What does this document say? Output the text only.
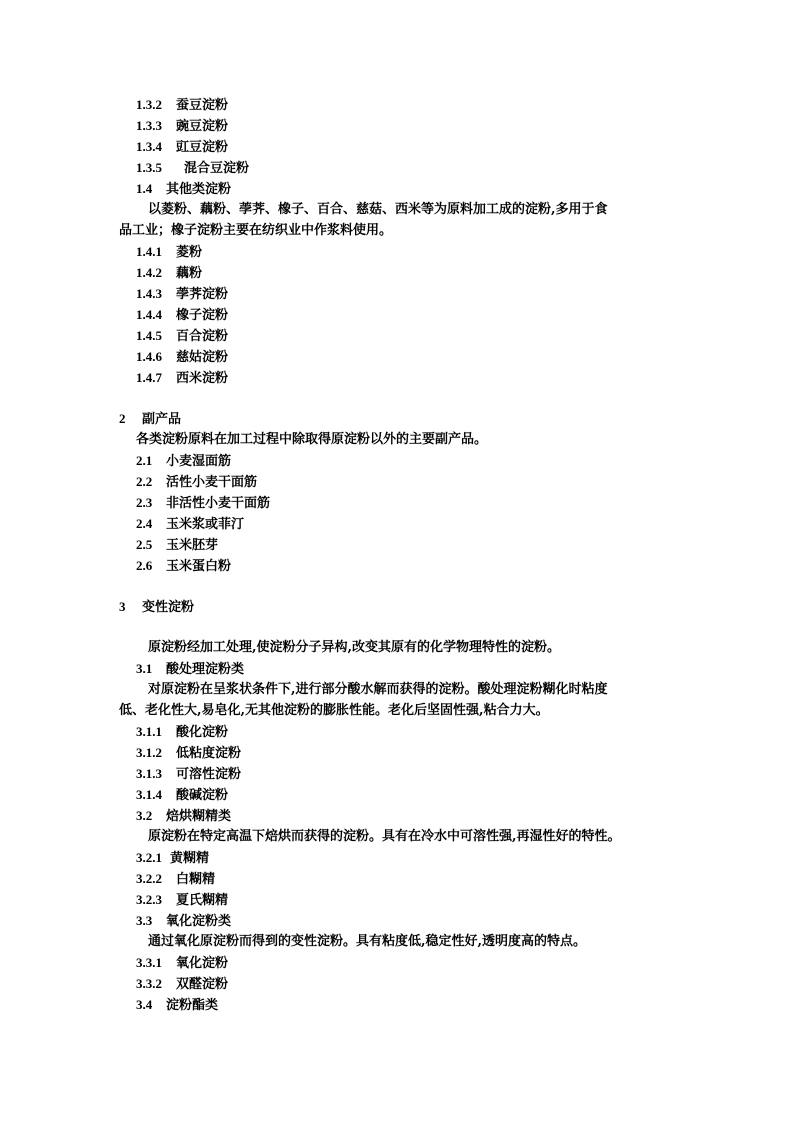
1.3.2 蚕豆淀粉
1.3.3 豌豆淀粉
1.3.4 豇豆淀粉
1.3.5 混合豆淀粉
1.4 其他类淀粉
以菱粉、藕粉、荸荠、橡子、百合、慈菇、西米等为原料加工成的淀粉,多用于食
品工业；橡子淀粉主要在纺织业中作浆料使用。
1.4.1 菱粉
1.4.2 藕粉
1.4.3 荸荠淀粉
1.4.4 橡子淀粉
1.4.5 百合淀粉
1.4.6 慈姑淀粉
1.4.7 西米淀粉
2 副产品
各类淀粉原料在加工过程中除取得原淀粉以外的主要副产品。
2.1 小麦湿面筋
2.2 活性小麦干面筋
2.3 非活性小麦干面筋
2.4 玉米浆或菲汀
2.5 玉米胚芽
2.6 玉米蛋白粉
3 变性淀粉
原淀粉经加工处理,使淀粉分子异构,改变其原有的化学物理特性的淀粉。
3.1 酸处理淀粉类
对原淀粉在呈浆状条件下,进行部分酸水解而获得的淀粉。酸处理淀粉糊化时粘度
低、老化性大,易皂化,无其他淀粉的膨胀性能。老化后坚固性强,粘合力大。
3.1.1 酸化淀粉
3.1.2 低粘度淀粉
3.1.3 可溶性淀粉
3.1.4 酸碱淀粉
3.2 焙烘糊精类
原淀粉在特定高温下焙烘而获得的淀粉。具有在冷水中可溶性强,再湿性好的特性。
3.2.1 黄糊精
3.2.2 白糊精
3.2.3 夏氏糊精
3.3 氧化淀粉类
通过氧化原淀粉而得到的变性淀粉。具有粘度低,稳定性好,透明度高的特点。
3.3.1 氧化淀粉
3.3.2 双醛淀粉
3.4 淀粉酯类
